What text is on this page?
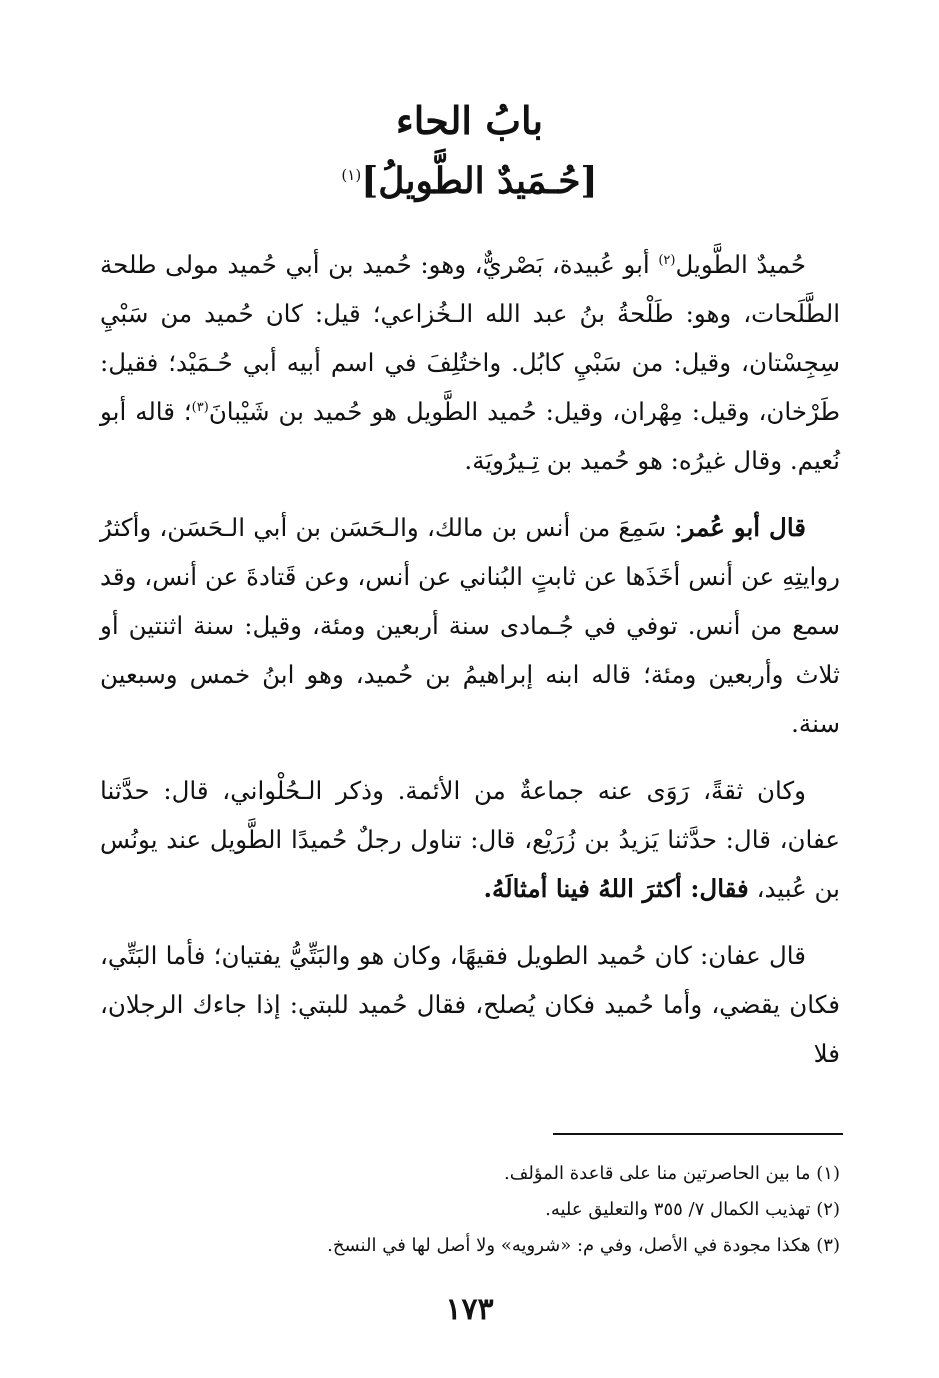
بابُ الحاء
[حُـمَيدٌ الطَّويلُ]$^{(١)}$

حُميدٌ الطَّويل$^{(٢)}$ أبو عُبيدة، بَصْريٌّ، وهو: حُميد بن أبي حُميد مولى طلحة الطَّلَحات، وهو: طَلْحةُ بنُ عبد الله الـخُزاعي؛ قيل: كان حُميد من سَبْيِ سِجِسْتان، وقيل: من سَبْيِ كابُل. واختُلِفَ في اسم أبيه أبي حُـمَيْد؛ فقيل: طَرْخان، وقيل: مِهْران، وقيل: حُميد الطَّويل هو حُميد بن شَيْبانَ$^{(٣)}$؛ قاله أبو نُعيم. وقال غيرُه: هو حُميد بن تِـيرُويَة.

قال أبو عُمر: سَمِعَ من أنس بن مالك، والـحَسَن بن أبي الـحَسَن، وأكثرُ روايتِهِ عن أنس أخَذَها عن ثابتٍ البُناني عن أنس، وعن قَتادةَ عن أنس، وقد سمع من أنس. توفي في جُـمادى سنة أربعين ومئة، وقيل: سنة اثنتين أو ثلاث وأربعين ومئة؛ قاله ابنه إبراهيمُ بن حُميد، وهو ابنُ خمس وسبعين سنة.

وكان ثقةً، رَوَى عنه جماعةٌ من الأئمة. وذكر الـحُلْواني، قال: حدَّثنا عفان، قال: حدَّثنا يَزيدُ بن زُرَيْع، قال: تناول رجلٌ حُميدًا الطَّويل عند يونُس بن عُبيد، فقال: أكثرَ اللهُ فينا أمثالَهُ.

قال عفان: كان حُميد الطويل فقيهًا، وكان هو والبَتِّيُّ يفتيان؛ فأما البَتِّي، فكان يقضي، وأما حُميد فكان يُصلح، فقال حُميد للبتي: إذا جاءك الرجلان، فلا

(١) ما بين الحاصرتين منا على قاعدة المؤلف.

(٢) تهذيب الكمال ٧/ ٣٥٥ والتعليق عليه.

(٣) هكذا مجودة في الأصل، وفي م: «شرويه» ولا أصل لها في النسخ.

١٧٣
